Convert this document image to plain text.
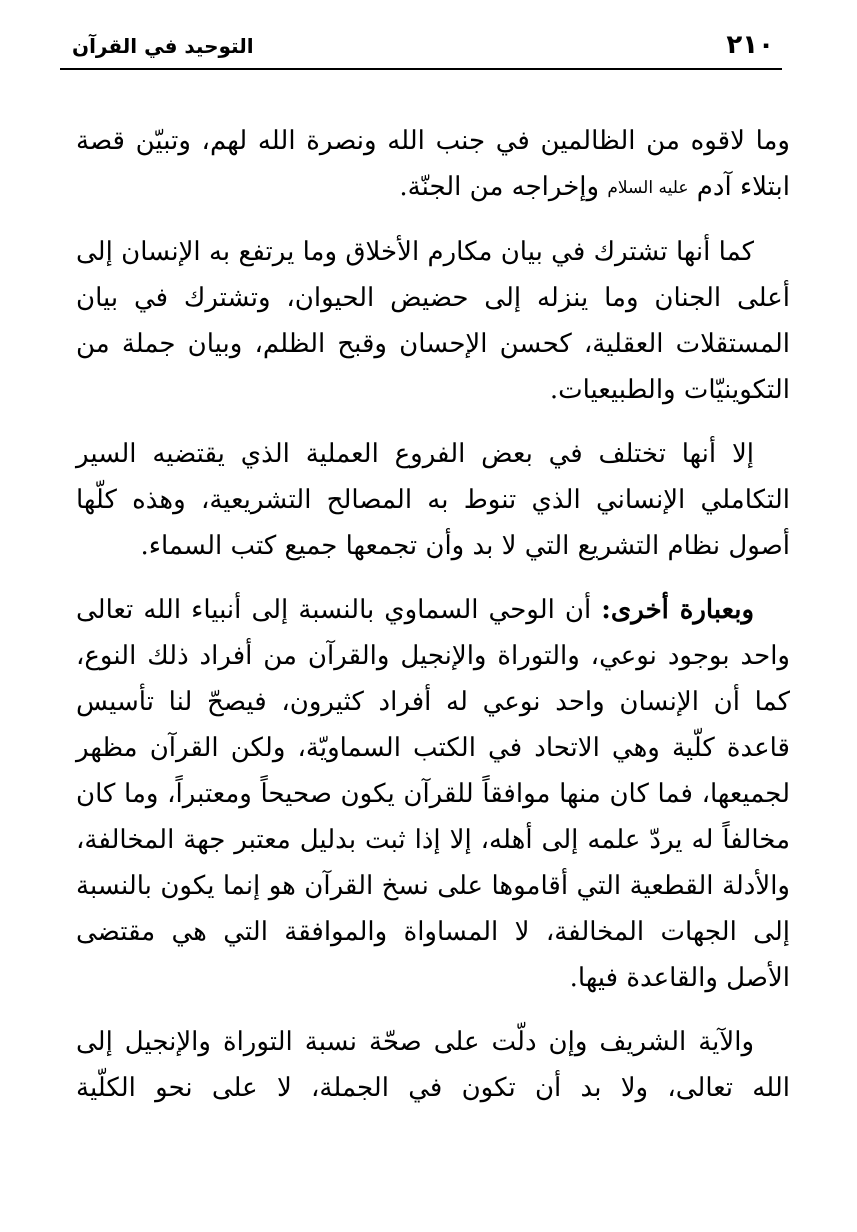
٢١٠
التوحيد في القرآن

وما لاقوه من الظالمين في جنب الله ونصرة الله لهم، وتبيّن قصة ابتلاء آدم عليه السلام وإخراجه من الجنّة.

كما أنها تشترك في بيان مكارم الأخلاق وما يرتفع به الإنسان إلى أعلى الجنان وما ينزله إلى حضيض الحيوان، وتشترك في بيان المستقلات العقلية، كحسن الإحسان وقبح الظلم، وبيان جملة من التكوينيّات والطبيعيات.

إلا أنها تختلف في بعض الفروع العملية الذي يقتضيه السير التكاملي الإنساني الذي تنوط به المصالح التشريعية، وهذه كلّها أصول نظام التشريع التي لا بد وأن تجمعها جميع كتب السماء.

وبعبارة أخرى: أن الوحي السماوي بالنسبة إلى أنبياء الله تعالى واحد بوجود نوعي، والتوراة والإنجيل والقرآن من أفراد ذلك النوع، كما أن الإنسان واحد نوعي له أفراد كثيرون، فيصحّ لنا تأسيس قاعدة كلّية وهي الاتحاد في الكتب السماويّة، ولكن القرآن مظهر لجميعها، فما كان منها موافقاً للقرآن يكون صحيحاً ومعتبراً، وما كان مخالفاً له يردّ علمه إلى أهله، إلا إذا ثبت بدليل معتبر جهة المخالفة، والأدلة القطعية التي أقاموها على نسخ القرآن هو إنما يكون بالنسبة إلى الجهات المخالفة، لا المساواة والموافقة التي هي مقتضى الأصل والقاعدة فيها.

والآية الشريف وإن دلّت على صحّة نسبة التوراة والإنجيل إلى الله تعالى، ولا بد أن تكون في الجملة، لا على نحو الكلّية
